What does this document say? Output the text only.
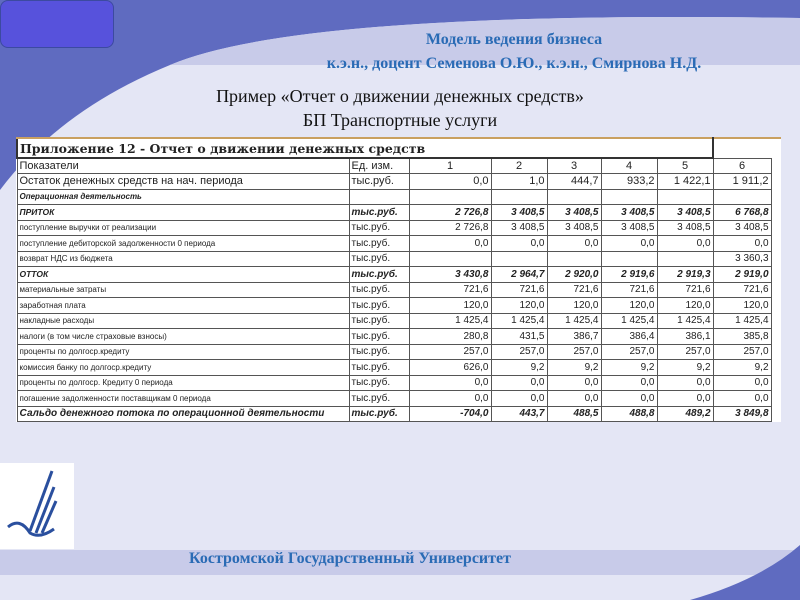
Модель ведения бизнеса
к.э.н., доцент Семенова О.Ю., к.э.н., Смирнова Н.Д.
Пример «Отчет о движении денежных средств»
БП Транспортные услуги
Приложение 12 - Отчет о движении денежных средств								
Показатели	Ед. изм.	1	2	3	4	5	6	
Остаток денежных средств на нач. периода	тыс.руб.	0,0	1,0	444,7	933,2	1 422,1	1 911,2	
Операционная деятельность								
ПРИТОК	тыс.руб.	2 726,8	3 408,5	3 408,5	3 408,5	3 408,5	6 768,8	
поступление выручки от реализации	тыс.руб.	2 726,8	3 408,5	3 408,5	3 408,5	3 408,5	3 408,5	
поступление дебиторской задолженности 0 периода	тыс.руб.	0,0	0,0	0,0	0,0	0,0	0,0	
возврат НДС из бюджета	тыс.руб.						3 360,3	
ОТТОК	тыс.руб.	3 430,8	2 964,7	2 920,0	2 919,6	2 919,3	2 919,0	
материальные затраты	тыс.руб.	721,6	721,6	721,6	721,6	721,6	721,6	
заработная плата	тыс.руб.	120,0	120,0	120,0	120,0	120,0	120,0	
накладные расходы	тыс.руб.	1 425,4	1 425,4	1 425,4	1 425,4	1 425,4	1 425,4	
налоги (в том числе страховые взносы)	тыс.руб.	280,8	431,5	386,7	386,4	386,1	385,8	
проценты по долгоср.кредиту	тыс.руб.	257,0	257,0	257,0	257,0	257,0	257,0	
комиссия банку по долгоср.кредиту	тыс.руб.	626,0	9,2	9,2	9,2	9,2	9,2	
проценты по долгоср. Кредиту 0 периода	тыс.руб.	0,0	0,0	0,0	0,0	0,0	0,0	
погашение задолженности поставщикам 0 периода	тыс.руб.	0,0	0,0	0,0	0,0	0,0	0,0	
Сальдо денежного потока по операционной деятельности	тыс.руб.	-704,0	443,7	488,5	488,8	489,2	3 849,8	
Костромской Государственный Университет
